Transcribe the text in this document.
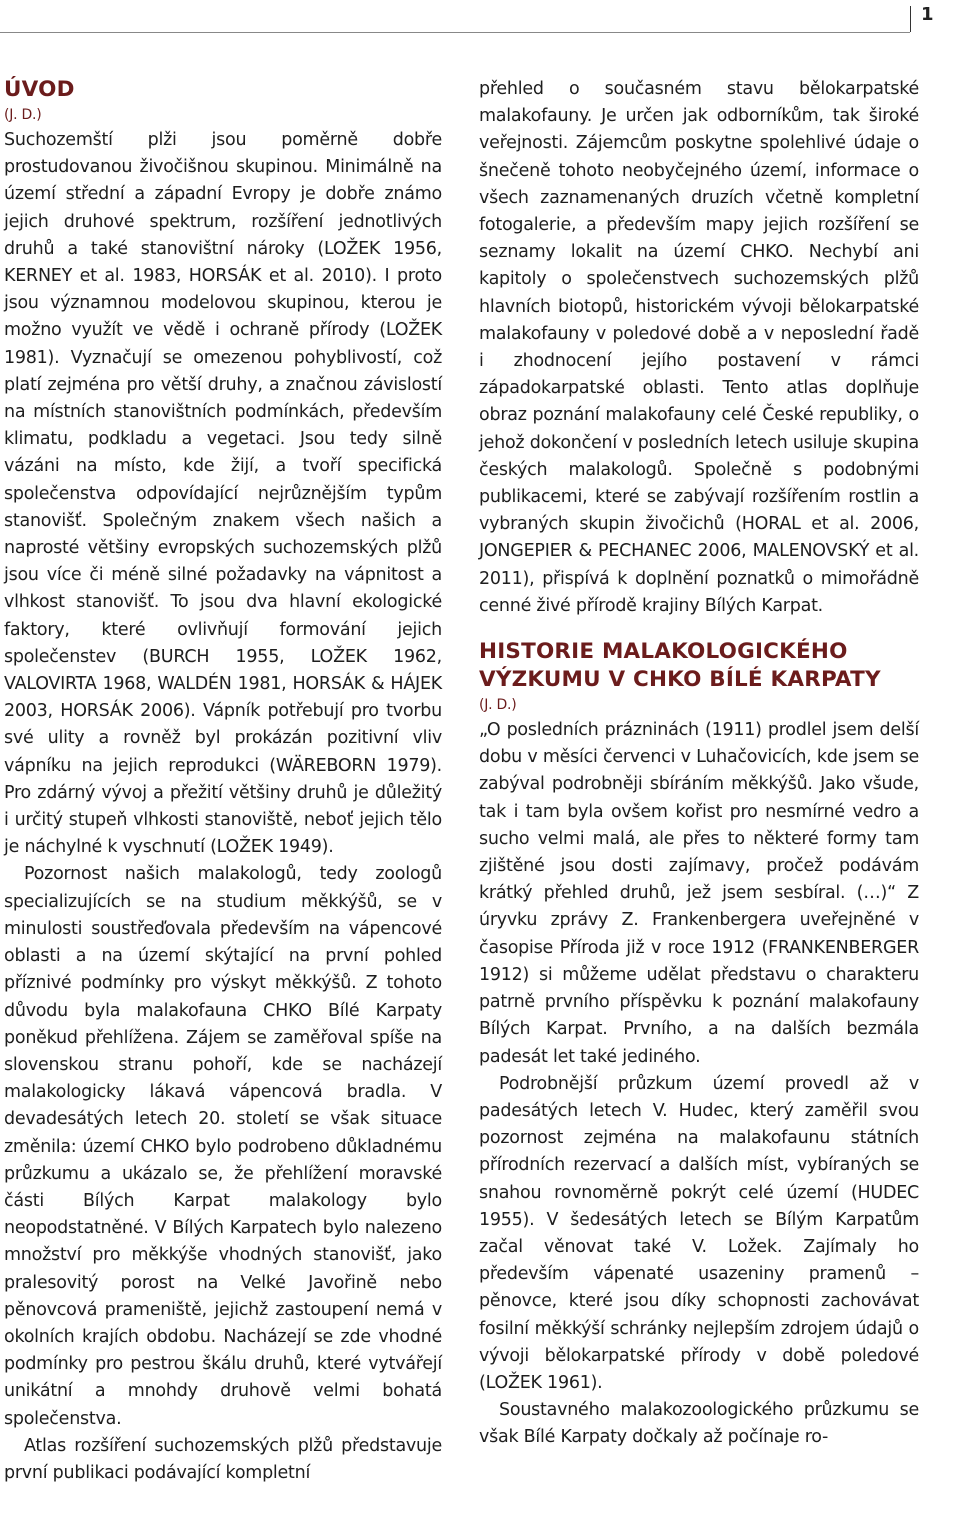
1
ÚVOD
(J. D.)

Suchozemští plži jsou poměrně dobře prostudovanou živočišnou skupinou. Minimálně na území střední a západní Evropy je dobře známo jejich druhové spektrum, rozšíření jednotlivých druhů a také stanovištní nároky (LOŽEK 1956, KERNEY et al. 1983, HORSÁK et al. 2010). I proto jsou významnou modelovou skupinou, kterou je možno využít ve vědě i ochraně přírody (LOŽEK 1981). Vyznačují se omezenou pohyblivostí, což platí zejména pro větší druhy, a značnou závislostí na místních stanovištních podmínkách, především klimatu, podkladu a vegetaci. Jsou tedy silně vázáni na místo, kde žijí, a tvoří specifická společenstva odpovídající nejrůznějším typům stanovišť. Společným znakem všech našich a naprosté většiny evropských suchozemských plžů jsou více či méně silné požadavky na vápnitost a vlhkost stanovišť. To jsou dva hlavní ekologické faktory, které ovlivňují formování jejich společenstev (BURCH 1955, LOŽEK 1962, VALOVIRTA 1968, WALDÉN 1981, HORSÁK & HÁJEK 2003, HORSÁK 2006). Vápník potřebují pro tvorbu své ulity a rovněž byl prokázán pozitivní vliv vápníku na jejich reprodukci (WÄREBORN 1979). Pro zdárný vývoj a přežití většiny druhů je důležitý i určitý stupeň vlhkosti stanoviště, neboť jejich tělo je náchylné k vyschnutí (LOŽEK 1949).

Pozornost našich malakologů, tedy zoologů specializujících se na studium měkkýšů, se v minulosti soustřeďovala především na vápencové oblasti a na území skýtající na první pohled příznivé podmínky pro výskyt měkkýšů. Z tohoto důvodu byla malakofauna CHKO Bílé Karpaty poněkud přehlížena. Zájem se zaměřoval spíše na slovenskou stranu pohoří, kde se nacházejí malakologicky lákavá vápencová bradla. V devadesátých letech 20. století se však situace změnila: území CHKO bylo podrobeno důkladnému průzkumu a ukázalo se, že přehlížení moravské části Bílých Karpat malakology bylo neopodstatněné. V Bílých Karpatech bylo nalezeno množství pro měkkýše vhodných stanovišť, jako pralesovitý porost na Velké Javořině nebo pěnovcová prameniště, jejichž zastoupení nemá v okolních krajích obdobu. Nacházejí se zde vhodné podmínky pro pestrou škálu druhů, které vytvářejí unikátní a mnohdy druhově velmi bohatá společenstva.

Atlas rozšíření suchozemských plžů představuje první publikaci podávající kompletní

přehled o současném stavu bělokarpatské malakofauny. Je určen jak odborníkům, tak široké veřejnosti. Zájemcům poskytne spolehlivé údaje o šnečeně tohoto neobyčejného území, informace o všech zaznamenaných druzích včetně kompletní fotogalerie, a především mapy jejich rozšíření se seznamy lokalit na území CHKO. Nechybí ani kapitoly o společenstvech suchozemských plžů hlavních biotopů, historickém vývoji bělokarpatské malakofauny v poledové době a v neposlední řadě i zhodnocení jejího postavení v rámci západokarpatské oblasti. Tento atlas doplňuje obraz poznání malakofauny celé České republiky, o jehož dokončení v posledních letech usiluje skupina českých malakologů. Společně s podobnými publikacemi, které se zabývají rozšířením rostlin a vybraných skupin živočichů (HORAL et al. 2006, JONGEPIER & PECHANEC 2006, MALENOVSKÝ et al. 2011), přispívá k doplnění poznatků o mimořádně cenné živé přírodě krajiny Bílých Karpat.

HISTORIE MALAKOLOGICKÉHO VÝZKUMU V CHKO BÍLÉ KARPATY
(J. D.)

„O posledních prázninách (1911) prodlel jsem delší dobu v měsíci červenci v Luhačovicích, kde jsem se zabýval podrobněji sbíráním měkkýšů. Jako všude, tak i tam byla ovšem kořist pro nesmírné vedro a sucho velmi malá, ale přes to některé formy tam zjištěné jsou dosti zajímavy, pročež podávám krátký přehled druhů, jež jsem sesbíral. (…)“ Z úryvku zprávy Z. Frankenbergera uveřejněné v časopise Příroda již v roce 1912 (FRANKENBERGER 1912) si můžeme udělat představu o charakteru patrně prvního příspěvku k poznání malakofauny Bílých Karpat. Prvního, a na dalších bezmála padesát let také jediného.

Podrobnější průzkum území provedl až v padesátých letech V. Hudec, který zaměřil svou pozornost zejména na malakofaunu státních přírodních rezervací a dalších míst, vybíraných se snahou rovnoměrně pokrýt celé území (HUDEC 1955). V šedesátých letech se Bílým Karpatům začal věnovat také V. Ložek. Zajímaly ho především vápenaté usazeniny pramenů – pěnovce, které jsou díky schopnosti zachovávat fosilní měkkýší schránky nejlepším zdrojem údajů o vývoji bělokarpatské přírody v době poledové (LOŽEK 1961).

Soustavného malakozoologického průzkumu se však Bílé Karpaty dočkaly až počínaje ro-
